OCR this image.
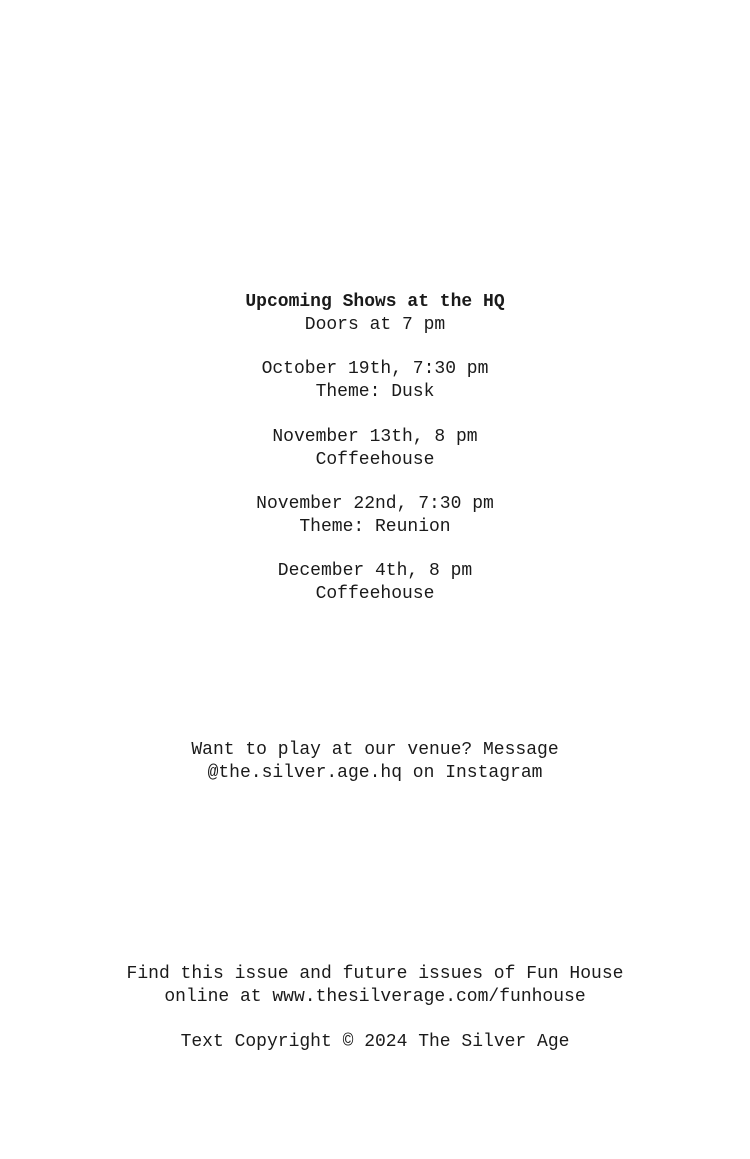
Upcoming Shows at the HQ
Doors at 7 pm
October 19th, 7:30 pm
Theme: Dusk
November 13th, 8 pm
Coffeehouse
November 22nd, 7:30 pm
Theme: Reunion
December 4th, 8 pm
Coffeehouse
Want to play at our venue? Message
@the.silver.age.hq on Instagram
Find this issue and future issues of Fun House
online at www.thesilverage.com/funhouse
Text Copyright © 2024 The Silver Age
